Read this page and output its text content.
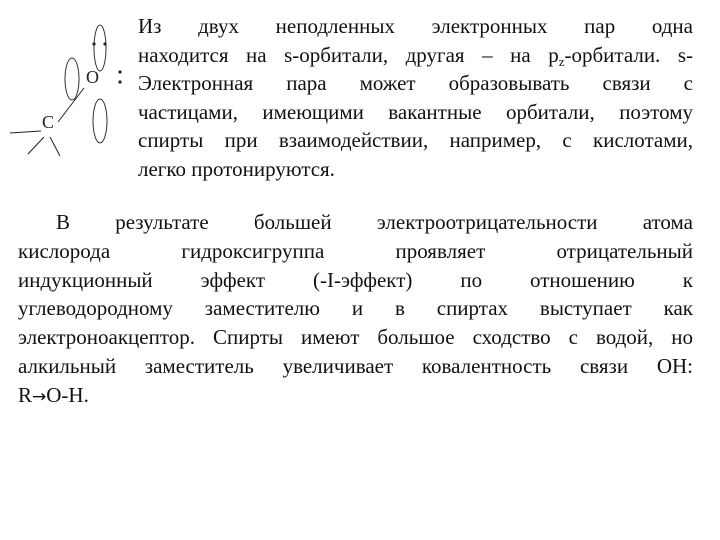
O
C
Из двух неподленных электронных пар одна
находится на s-орбитали, другая – на $p_z$-орбитали. s-
Электронная пара может образовывать связи с
частицами, имеющими вакантные орбитали, поэтому
спирты при взаимодействии, например, с кислотами,
легко протонируются.
В результате большей электроотрицательности атома
кислорода гидроксигруппа проявляет отрицательный
индукционный эффект (-I-эффект) по отношению к
углеводородному заместителю и в спиртах выступает как
электроноакцептор. Спирты имеют большое сходство с водой, но
алкильный заместитель увеличивает ковалентность связи ОН:
R→O-H.
